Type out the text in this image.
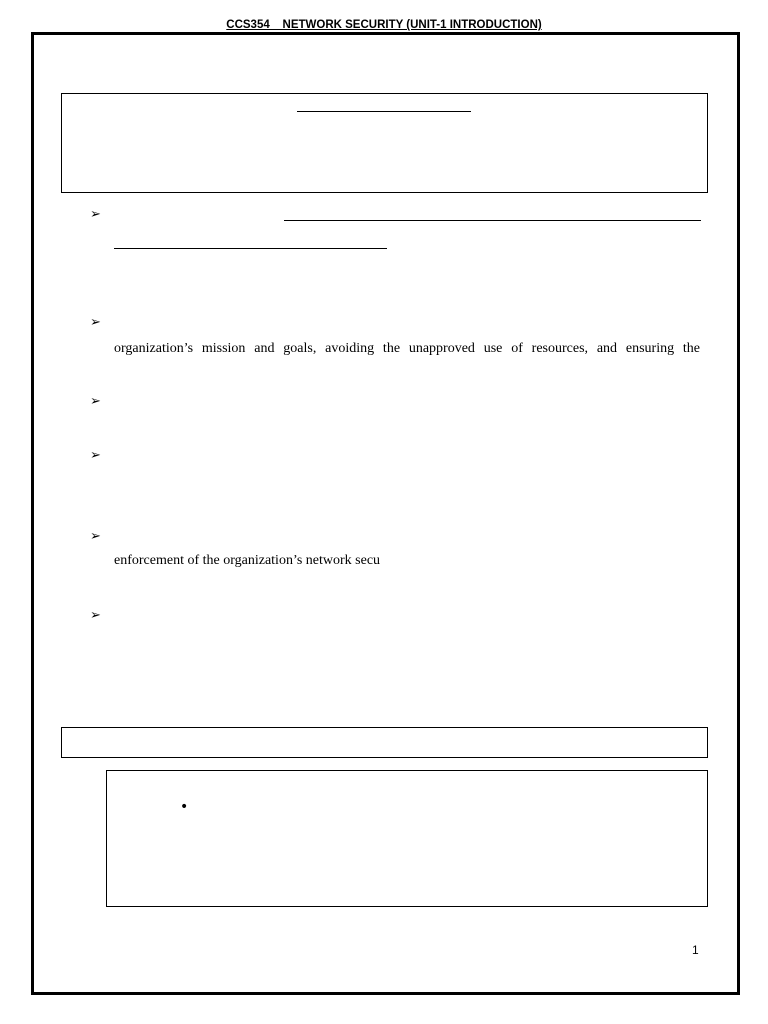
CCS354    NETWORK SECURITY (UNIT-1 INTRODUCTION)
➢
➢
organization’s mission and goals, avoiding the unapproved use of resources, and ensuring the
➢
➢
➢
enforcement of the organization’s network secu
➢
•
1
